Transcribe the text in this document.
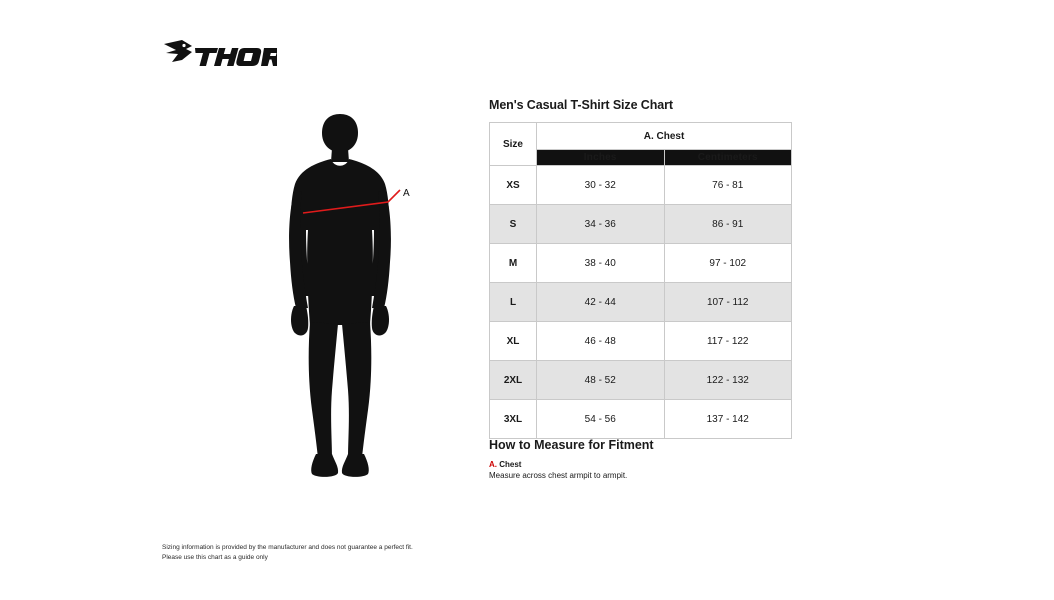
A
Men's Casual T-Shirt Size Chart
Size	A. Chest	
	Inches	Centimeters
XS	30 - 32	76 - 81
S	34 - 36	86 - 91
M	38 - 40	97 - 102
L	42 - 44	107 - 112
XL	46 - 48	117 - 122
2XL	48 - 52	122 - 132
3XL	54 - 56	137 - 142
How to Measure for Fitment

A. Chest

Measure across chest armpit to armpit.

Sizing information is provided by the manufacturer and does not guarantee a perfect fit.
Please use this chart as a guide only
